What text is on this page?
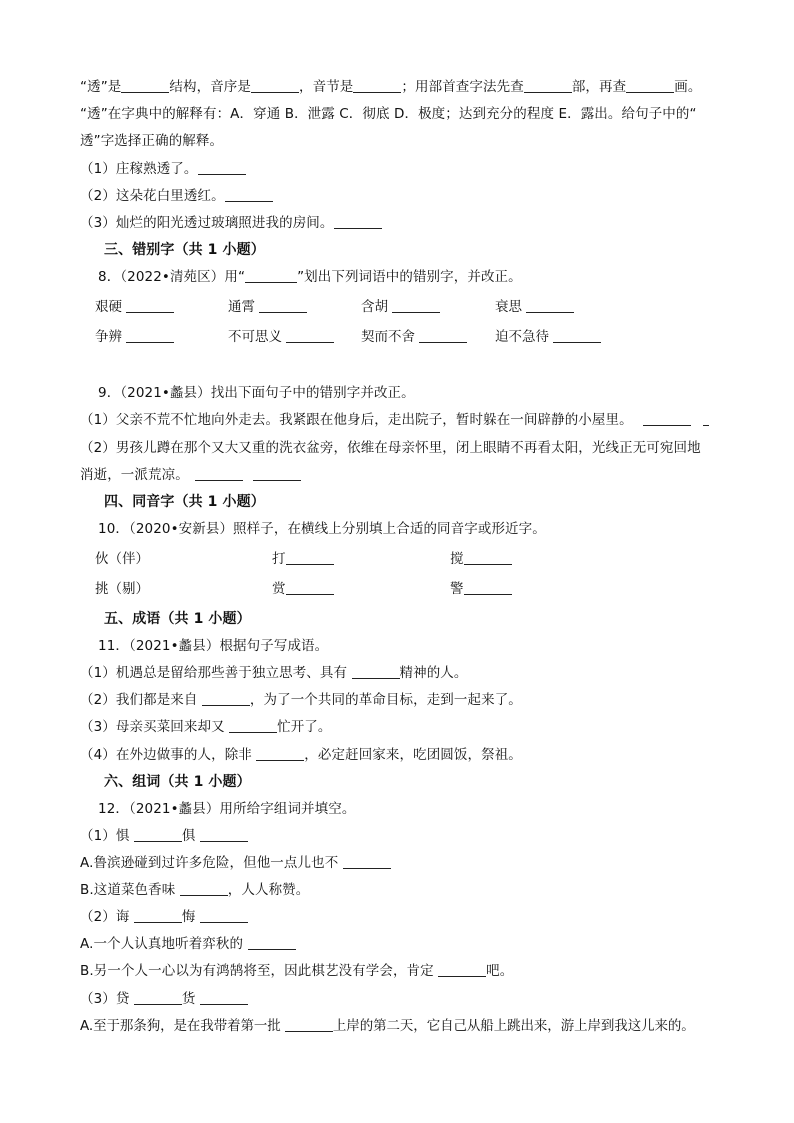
“透”是	结构，音序是	，音节是	；用部首查字法先查	部，再查	画。
“透”在字典中的解释有：A．穿通 B．泄露 C．彻底 D．极度；达到充分的程度 E．露出。给句子中的“
透”字选择正确的解释。
（1）庄稼熟透了。
（2）这朵花白里透红。
（3）灿烂的阳光透过玻璃照进我的房间。
三、错别字（共 1 小题）
8．（2022•清苑区）用“	”划出下列词语中的错别字，并改正。
艰硬	通霄	含胡	衰思
争辨	不可思义	契而不舍	迫不急待
9．（2021•蠡县）找出下面句子中的错别字并改正。
（1）父亲不荒不忙地向外走去。我紧跟在他身后，走出院子，暂时躲在一间辟静的小屋里。
（2）男孩儿蹲在那个又大又重的洗衣盆旁，依维在母亲怀里，闭上眼睛不再看太阳，光线正无可宛回地
消逝，一派荒凉。
四、同音字（共 1 小题）
10．（2020•安新县）照样子，在横线上分别填上合适的同音字或形近字。
伙（伴）	打	搅
挑（剔）	赏	警
五、成语（共 1 小题）
11．（2021•蠡县）根据句子写成语。
（1）机遇总是留给那些善于独立思考、具有	精神的人。
（2）我们都是来自	，为了一个共同的革命目标，走到一起来了。
（3）母亲买菜回来却又	忙开了。
（4）在外边做事的人，除非	，必定赶回家来，吃团圆饭，祭祖。
六、组词（共 1 小题）
12．（2021•蠡县）用所给字组词并填空。
（1）惧	俱
A.鲁滨逊碰到过许多危险，但他一点儿也不
B.这道菜色香味	，人人称赞。
（2）诲	悔
A.一个人认真地听着弈秋的
B.另一个人一心以为有鸿鹄将至，因此棋艺没有学会，肯定	吧。
（3）贷	货
A.至于那条狗，是在我带着第一批	上岸的第二天，它自己从船上跳出来，游上岸到我这儿来的。
